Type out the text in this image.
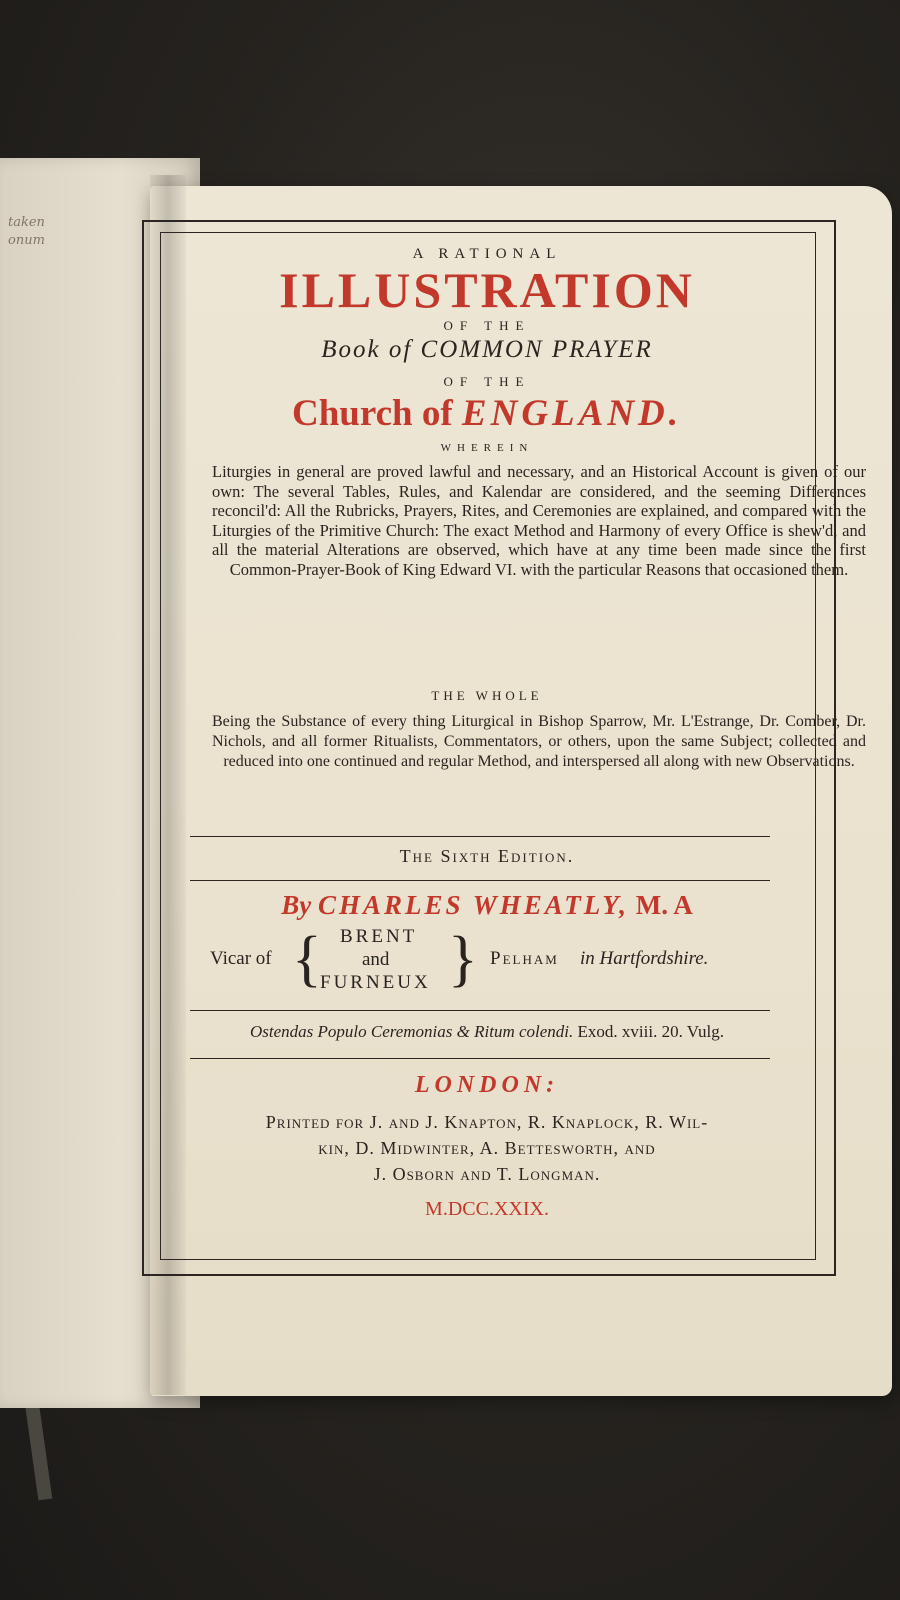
taken
onum
A RATIONAL
ILLUSTRATION
OF THE
Book of COMMON PRAYER
OF THE
Church of ENGLAND.
WHEREIN
Liturgies in general are proved lawful and necessary, and an Historical Account is given of our own: The several Tables, Rules, and Kalendar are considered, and the seeming Differences reconcil'd: All the Rubricks, Prayers, Rites, and Ceremonies are explained, and compared with the Liturgies of the Primitive Church: The exact Method and Harmony of every Office is shew'd, and all the material Alterations are observed, which have at any time been made since the first Common-Prayer-Book of King Edward VI. with the particular Reasons that occasioned them.
THE WHOLE
Being the Substance of every thing Liturgical in Bishop Sparrow, Mr. L'Estrange, Dr. Comber, Dr. Nichols, and all former Ritualists, Commentators, or others, upon the same Subject; collected and reduced into one continued and regular Method, and interspersed all along with new Observations.
The Sixth Edition.
By CHARLES WHEATLY, M. A
Vicar of { BRENT
and
FURNEUX } Pelham in Hartfordshire.
Ostendas Populo Ceremonias & Ritum colendi. Exod. xviii. 20. Vulg.
LONDON:
Printed for J. and J. Knapton, R. Knaplock, R. Wil-
kin, D. Midwinter, A. Bettesworth, and
J. Osborn and T. Longman.
M.DCC.XXIX.
